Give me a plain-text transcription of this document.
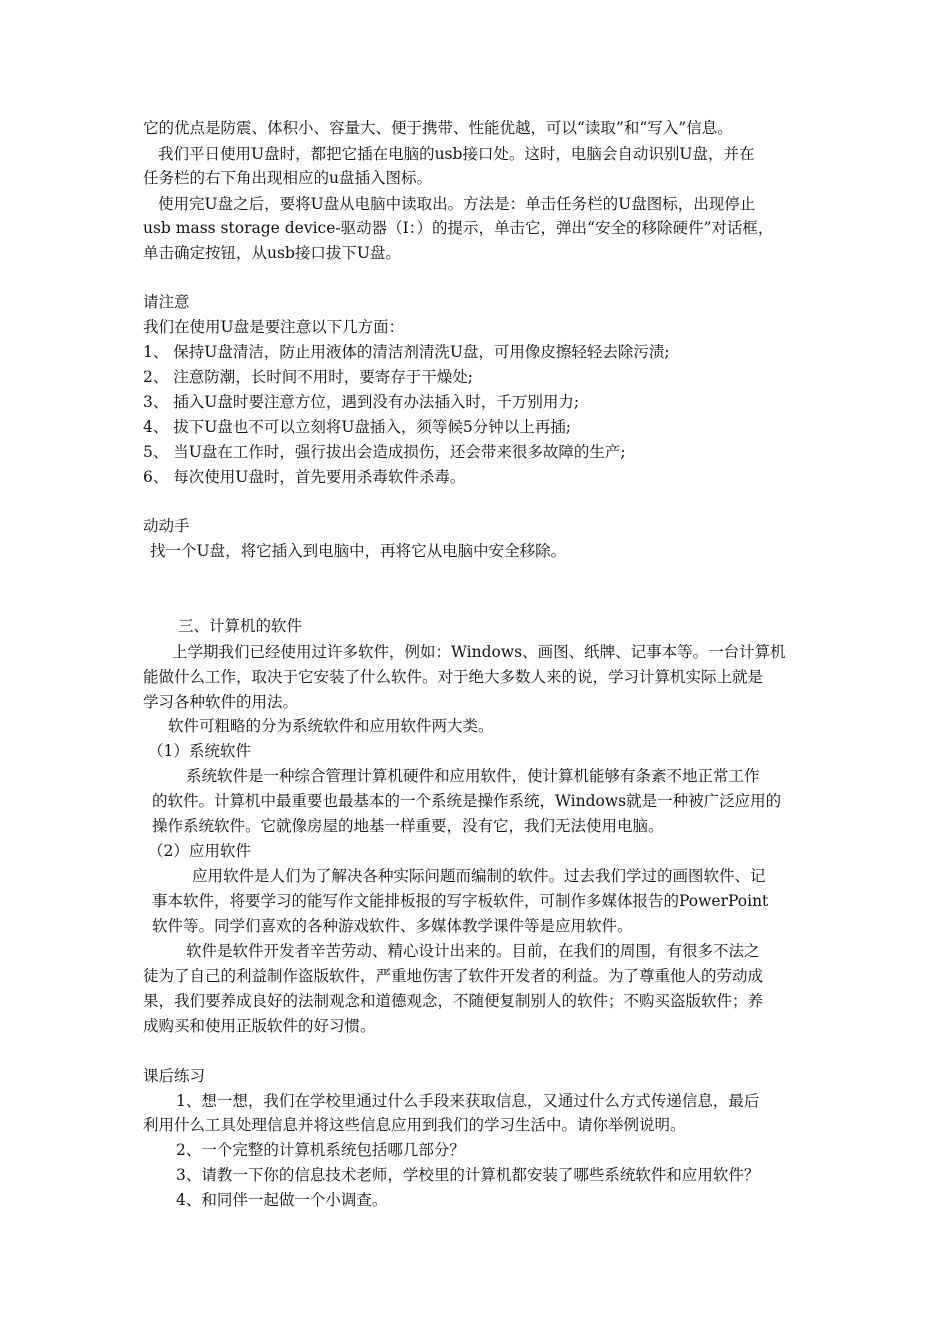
它的优点是防震、体积小、容量大、便于携带、性能优越，可以“读取”和“写入”信息。

我们平日使用U盘时，都把它插在电脑的usb接口处。这时，电脑会自动识别U盘，并在

任务栏的右下角出现相应的u盘插入图标。

使用完U盘之后，要将U盘从电脑中读取出。方法是：单击任务栏的U盘图标，出现停止

usb mass storage device-驱动器（I：）的提示，单击它，弹出“安全的移除硬件”对话框，

单击确定按钮，从usb接口拔下U盘。

请注意

我们在使用U盘是要注意以下几方面：

1、 保持U盘清洁，防止用液体的清洁剂清洗U盘，可用像皮擦轻轻去除污渍;

2、 注意防潮，长时间不用时，要寄存于干燥处;

3、 插入U盘时要注意方位，遇到没有办法插入时，千万别用力;

4、 拔下U盘也不可以立刻将U盘插入，须等候5分钟以上再插;

5、 当U盘在工作时，强行拔出会造成损伤，还会带来很多故障的生产;

6、 每次使用U盘时，首先要用杀毒软件杀毒。

动动手

找一个U盘，将它插入到电脑中，再将它从电脑中安全移除。

三、计算机的软件

上学期我们已经使用过许多软件，例如：Windows、画图、纸牌、记事本等。一台计算机

能做什么工作，取决于它安装了什么软件。对于绝大多数人来的说，学习计算机实际上就是

学习各种软件的用法。

软件可粗略的分为系统软件和应用软件两大类。

（1）系统软件

系统软件是一种综合管理计算机硬件和应用软件，使计算机能够有条紊不地正常工作

的软件。计算机中最重要也最基本的一个系统是操作系统，Windows就是一种被广泛应用的

操作系统软件。它就像房屋的地基一样重要，没有它，我们无法使用电脑。

（2）应用软件

应用软件是人们为了解决各种实际问题而编制的软件。过去我们学过的画图软件、记

事本软件，将要学习的能写作文能排板报的写字板软件，可制作多媒体报告的PowerPoint

软件等。同学们喜欢的各种游戏软件、多媒体教学课件等是应用软件。

软件是软件开发者辛苦劳动、精心设计出来的。目前，在我们的周围，有很多不法之

徒为了自己的利益制作盗版软件，严重地伤害了软件开发者的利益。为了尊重他人的劳动成

果，我们要养成良好的法制观念和道德观念，不随便复制别人的软件；不购买盗版软件；养

成购买和使用正版软件的好习惯。

课后练习

1、想一想，我们在学校里通过什么手段来获取信息，又通过什么方式传递信息，最后

利用什么工具处理信息并将这些信息应用到我们的学习生活中。请你举例说明。

2、一个完整的计算机系统包括哪几部分？

3、请教一下你的信息技术老师，学校里的计算机都安装了哪些系统软件和应用软件？

4、和同伴一起做一个小调查。
